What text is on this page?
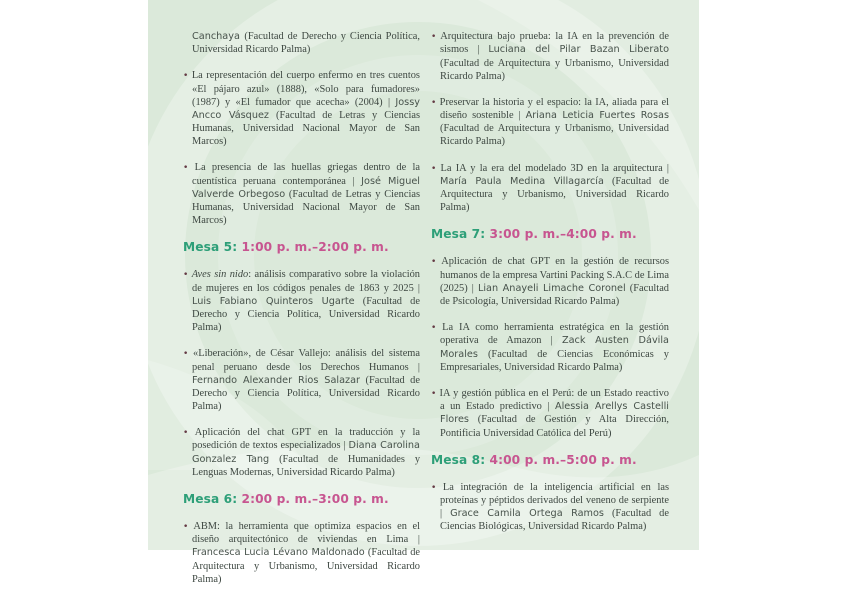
Canchaya (Facultad de Derecho y Ciencia Política, Universidad Ricardo Palma)

• La representación del cuerpo enfermo en tres cuentos «El pájaro azul» (1888), «Solo para fumadores» (1987) y «El fumador que acecha» (2004) | Jossy Ancco Vásquez (Facultad de Letras y Ciencias Humanas, Universidad Nacional Mayor de San Marcos)

• La presencia de las huellas griegas dentro de la cuentística peruana contemporánea | José Miguel Valverde Orbegoso (Facultad de Letras y Ciencias Humanas, Universidad Nacional Mayor de San Marcos)

Mesa 5: 1:00 p. m.–2:00 p. m.

• Aves sin nido: análisis comparativo sobre la violación de mujeres en los códigos penales de 1863 y 2025 | Luis Fabiano Quinteros Ugarte (Facultad de Derecho y Ciencia Política, Universidad Ricardo Palma)

• «Liberación», de César Vallejo: análisis del sistema penal peruano desde los Derechos Humanos | Fernando Alexander Rios Salazar (Facultad de Derecho y Ciencia Política, Universidad Ricardo Palma)

• Aplicación del chat GPT en la traducción y la posedición de textos especializados | Diana Carolina Gonzalez Tang (Facultad de Humanidades y Lenguas Modernas, Universidad Ricardo Palma)

Mesa 6: 2:00 p. m.–3:00 p. m.

• ABM: la herramienta que optimiza espacios en el diseño arquitectónico de viviendas en Lima | Francesca Lucia Lévano Maldonado (Facultad de Arquitectura y Urbanismo, Universidad Ricardo Palma)

• Arquitectura bajo prueba: la IA en la prevención de sismos | Luciana del Pilar Bazan Liberato (Facultad de Arquitectura y Urbanismo, Universidad Ricardo Palma)

• Preservar la historia y el espacio: la IA, aliada para el diseño sostenible | Ariana Leticia Fuertes Rosas (Facultad de Arquitectura y Urbanismo, Universidad Ricardo Palma)

• La IA y la era del modelado 3D en la arquitectura | María Paula Medina Villagarcía (Facultad de Arquitectura y Urbanismo, Universidad Ricardo Palma)

Mesa 7: 3:00 p. m.–4:00 p. m.

• Aplicación de chat GPT en la gestión de recursos humanos de la empresa Vartini Packing S.A.C de Lima (2025) | Lian Anayeli Limache Coronel (Facultad de Psicología, Universidad Ricardo Palma)

• La IA como herramienta estratégica en la gestión operativa de Amazon | Zack Austen Dávila Morales (Facultad de Ciencias Económicas y Empresariales, Universidad Ricardo Palma)

• IA y gestión pública en el Perú: de un Estado reactivo a un Estado predictivo | Alessia Arellys Castelli Flores (Facultad de Gestión y Alta Dirección, Pontificia Universidad Católica del Perú)

Mesa 8: 4:00 p. m.–5:00 p. m.

• La integración de la inteligencia artificial en las proteínas y péptidos derivados del veneno de serpiente | Grace Camila Ortega Ramos (Facultad de Ciencias Biológicas, Universidad Ricardo Palma)
